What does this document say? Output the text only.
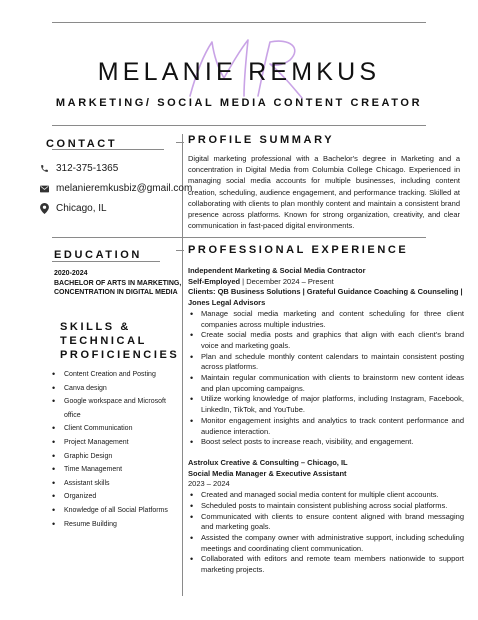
MELANIE REMKUS
MARKETING/ SOCIAL MEDIA CONTENT CREATOR
CONTACT
312-375-1365
melanieremkusbiz@gmail.com
Chicago, IL
EDUCATION
2020-2024
BACHELOR OF ARTS IN MARKETING, CONCENTRATION IN DIGITAL MEDIA
SKILLS &
TECHNICAL
PROFICIENCIES
• Content Creation and Posting
• Canva design
• Google workspace and Microsoft office
• Client Communication
• Project Management
• Graphic Design
• Time Management
• Assistant skills
• Organized
• Knowledge of all Social Platforms
• Resume Building
PROFILE SUMMARY
Digital marketing professional with a Bachelor's degree in Marketing and a concentration in Digital Media from Columbia College Chicago. Experienced in managing social media accounts for multiple businesses, including content creation, scheduling, audience engagement, and performance tracking. Skilled at collaborating with clients to plan monthly content and maintain a consistent brand presence across platforms. Known for strong organization, creativity, and clear communication in fast-paced digital environments.
PROFESSIONAL EXPERIENCE
Independent Marketing & Social Media Contractor
Self-Employed | December 2024 – Present
Clients: QB Business Solutions | Grateful Guidance Coaching & Counseling | Jones Legal Advisors
• Manage social media marketing and content scheduling for three client companies across multiple industries.
• Create social media posts and graphics that align with each client's brand voice and marketing goals.
• Plan and schedule monthly content calendars to maintain consistent posting across platforms.
• Maintain regular communication with clients to brainstorm new content ideas and plan upcoming campaigns.
• Utilize working knowledge of major platforms, including Instagram, Facebook, LinkedIn, TikTok, and YouTube.
• Monitor engagement insights and analytics to track content performance and audience interaction.
• Boost select posts to increase reach, visibility, and engagement.
Astrolux Creative & Consulting – Chicago, IL
Social Media Manager & Executive Assistant
2023 – 2024
• Created and managed social media content for multiple client accounts.
• Scheduled posts to maintain consistent publishing across social platforms.
• Communicated with clients to ensure content aligned with brand messaging and marketing goals.
• Assisted the company owner with administrative support, including scheduling meetings and coordinating client communication.
• Collaborated with editors and remote team members nationwide to support marketing projects.
